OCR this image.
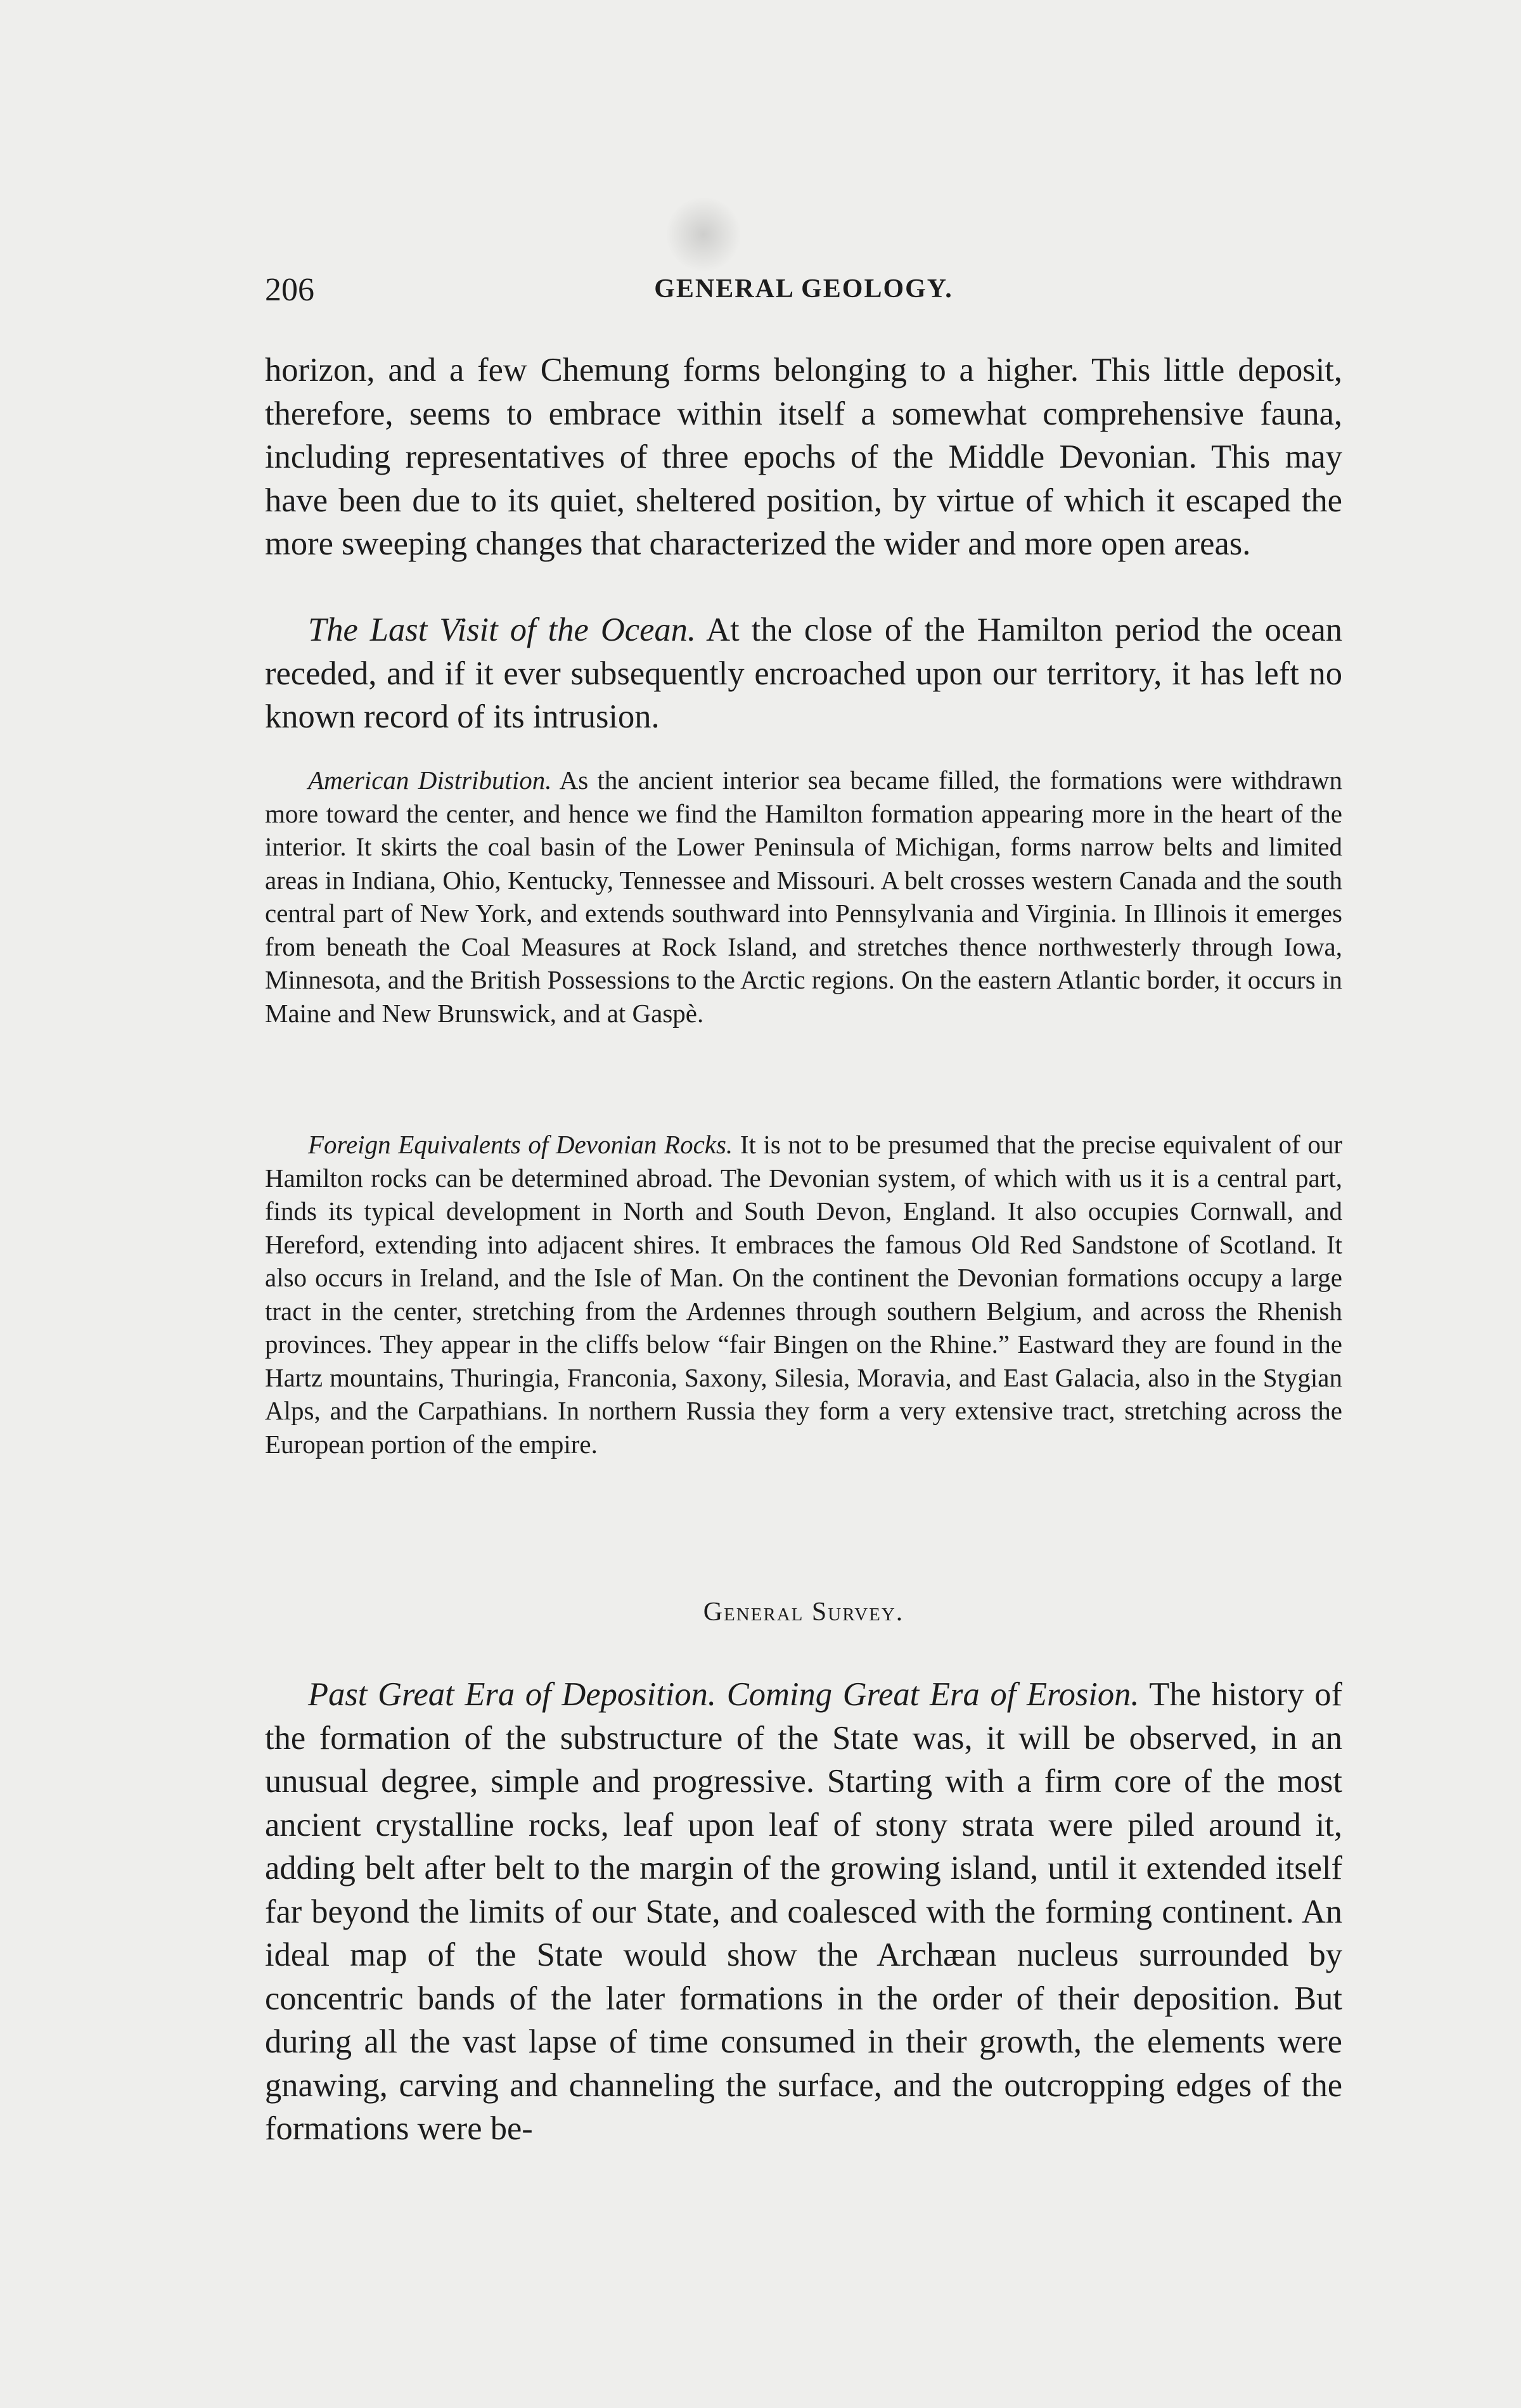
206	GENERAL GEOLOGY.

horizon, and a few Chemung forms belonging to a higher. This little deposit, therefore, seems to embrace within itself a somewhat comprehensive fauna, including representatives of three epochs of the Middle Devonian. This may have been due to its quiet, sheltered position, by virtue of which it escaped the more sweeping changes that characterized the wider and more open areas.

The Last Visit of the Ocean. At the close of the Hamilton period the ocean receded, and if it ever subsequently encroached upon our territory, it has left no known record of its intrusion.

American Distribution. As the ancient interior sea became filled, the formations were withdrawn more toward the center, and hence we find the Hamilton formation appearing more in the heart of the interior. It skirts the coal basin of the Lower Peninsula of Michigan, forms narrow belts and limited areas in Indiana, Ohio, Kentucky, Tennessee and Missouri. A belt crosses western Canada and the south central part of New York, and extends southward into Pennsylvania and Virginia. In Illinois it emerges from beneath the Coal Measures at Rock Island, and stretches thence northwesterly through Iowa, Minnesota, and the British Possessions to the Arctic regions. On the eastern Atlantic border, it occurs in Maine and New Brunswick, and at Gaspè.

Foreign Equivalents of Devonian Rocks. It is not to be presumed that the precise equivalent of our Hamilton rocks can be determined abroad. The Devonian system, of which with us it is a central part, finds its typical development in North and South Devon, England. It also occupies Cornwall, and Hereford, extending into adjacent shires. It embraces the famous Old Red Sandstone of Scotland. It also occurs in Ireland, and the Isle of Man. On the continent the Devonian formations occupy a large tract in the center, stretching from the Ardennes through southern Belgium, and across the Rhenish provinces. They appear in the cliffs below “fair Bingen on the Rhine.” Eastward they are found in the Hartz mountains, Thuringia, Franconia, Saxony, Silesia, Moravia, and East Galacia, also in the Stygian Alps, and the Carpathians. In northern Russia they form a very extensive tract, stretching across the European portion of the empire.

General Survey.

Past Great Era of Deposition. Coming Great Era of Erosion. The history of the formation of the substructure of the State was, it will be observed, in an unusual degree, simple and progressive. Starting with a firm core of the most ancient crystalline rocks, leaf upon leaf of stony strata were piled around it, adding belt after belt to the margin of the growing island, until it extended itself far beyond the limits of our State, and coalesced with the forming continent. An ideal map of the State would show the Archæan nucleus surrounded by concentric bands of the later formations in the order of their deposition. But during all the vast lapse of time consumed in their growth, the elements were gnawing, carving and channeling the surface, and the outcropping edges of the formations were be-
